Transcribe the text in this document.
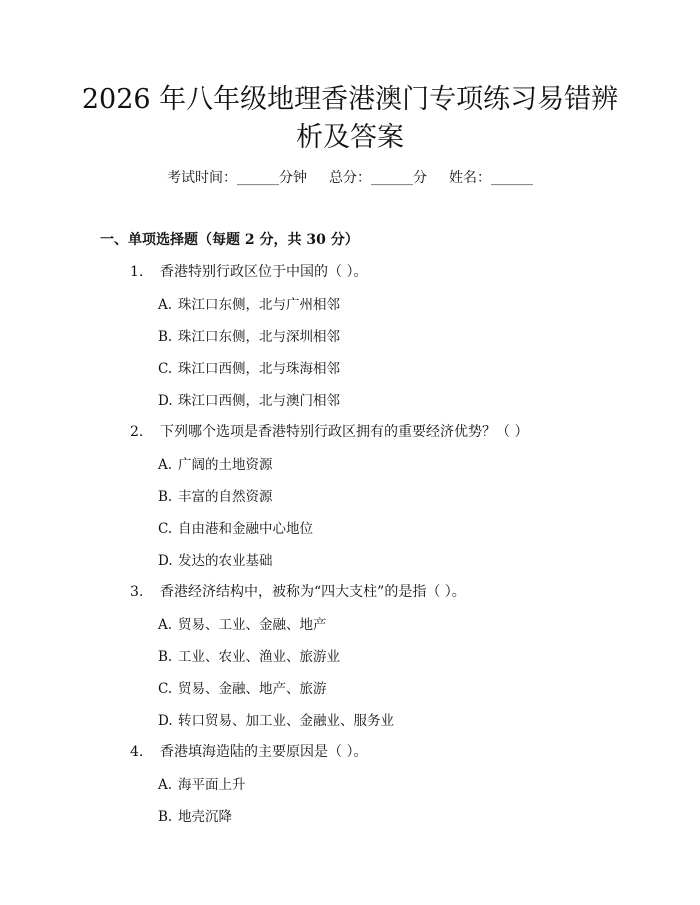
2026 年八年级地理香港澳门专项练习易错辨
析及答案
考试时间：______分钟 总分：______分 姓名：______
一、单项选择题（每题 2 分，共 30 分）
1. 香港特别行政区位于中国的（ ）。
A. 珠江口东侧，北与广州相邻
B. 珠江口东侧，北与深圳相邻
C. 珠江口西侧，北与珠海相邻
D. 珠江口西侧，北与澳门相邻
2. 下列哪个选项是香港特别行政区拥有的重要经济优势？（ ）
A. 广阔的土地资源
B. 丰富的自然资源
C. 自由港和金融中心地位
D. 发达的农业基础
3. 香港经济结构中，被称为“四大支柱”的是指（ ）。
A. 贸易、工业、金融、地产
B. 工业、农业、渔业、旅游业
C. 贸易、金融、地产、旅游
D. 转口贸易、加工业、金融业、服务业
4. 香港填海造陆的主要原因是（ ）。
A. 海平面上升
B. 地壳沉降
